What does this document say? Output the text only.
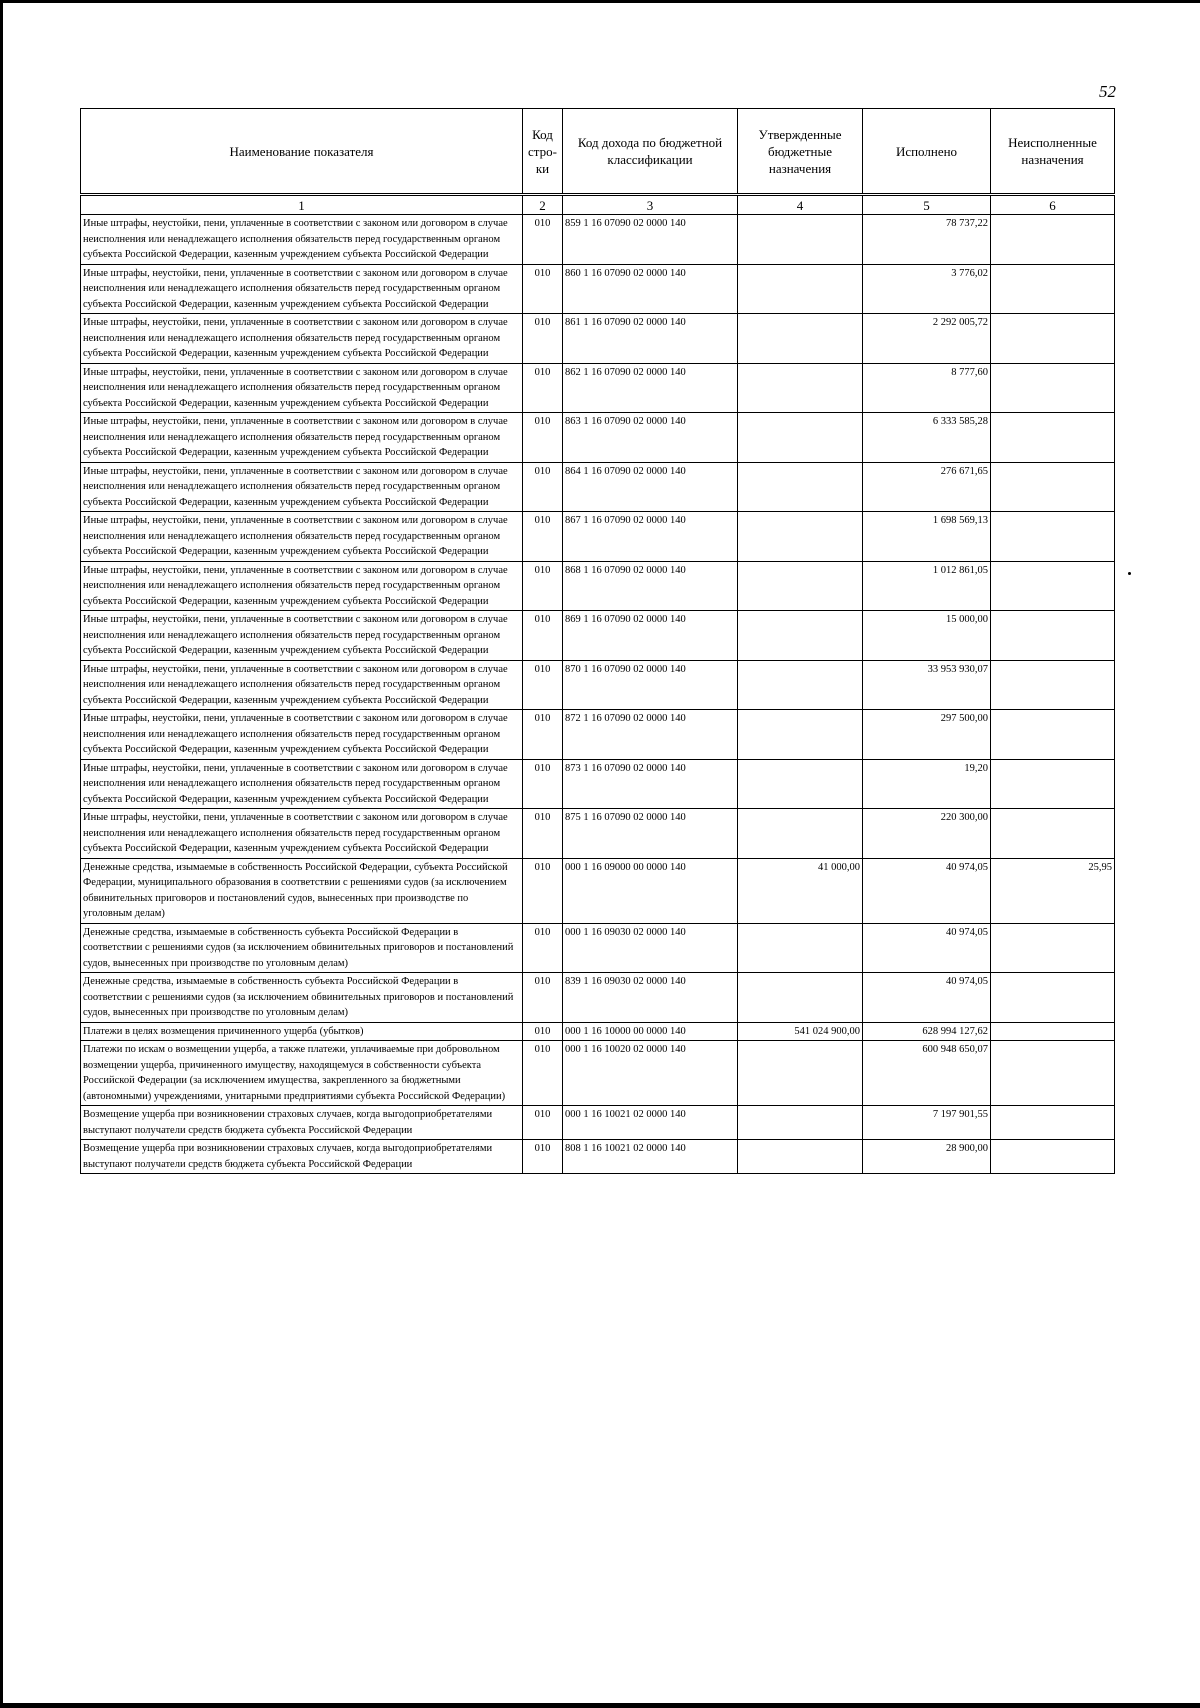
52
Наименование показателя	Код стро-ки	Код дохода по бюджетной классификации	Утвержденные бюджетные назначения	Исполнено	Неисполненные назначения
1	2	3	4	5	6
Иные штрафы, неустойки, пени, уплаченные в соответствии с законом или договором в случае неисполнения или ненадлежащего исполнения обязательств перед государственным органом субъекта Российской Федерации, казенным учреждением субъекта Российской Федерации	010	859 1 16 07090 02 0000 140		78 737,22	
Иные штрафы, неустойки, пени, уплаченные в соответствии с законом или договором в случае неисполнения или ненадлежащего исполнения обязательств перед государственным органом субъекта Российской Федерации, казенным учреждением субъекта Российской Федерации	010	860 1 16 07090 02 0000 140		3 776,02	
Иные штрафы, неустойки, пени, уплаченные в соответствии с законом или договором в случае неисполнения или ненадлежащего исполнения обязательств перед государственным органом субъекта Российской Федерации, казенным учреждением субъекта Российской Федерации	010	861 1 16 07090 02 0000 140		2 292 005,72	
Иные штрафы, неустойки, пени, уплаченные в соответствии с законом или договором в случае неисполнения или ненадлежащего исполнения обязательств перед государственным органом субъекта Российской Федерации, казенным учреждением субъекта Российской Федерации	010	862 1 16 07090 02 0000 140		8 777,60	
Иные штрафы, неустойки, пени, уплаченные в соответствии с законом или договором в случае неисполнения или ненадлежащего исполнения обязательств перед государственным органом субъекта Российской Федерации, казенным учреждением субъекта Российской Федерации	010	863 1 16 07090 02 0000 140		6 333 585,28	
Иные штрафы, неустойки, пени, уплаченные в соответствии с законом или договором в случае неисполнения или ненадлежащего исполнения обязательств перед государственным органом субъекта Российской Федерации, казенным учреждением субъекта Российской Федерации	010	864 1 16 07090 02 0000 140		276 671,65	
Иные штрафы, неустойки, пени, уплаченные в соответствии с законом или договором в случае неисполнения или ненадлежащего исполнения обязательств перед государственным органом субъекта Российской Федерации, казенным учреждением субъекта Российской Федерации	010	867 1 16 07090 02 0000 140		1 698 569,13	
Иные штрафы, неустойки, пени, уплаченные в соответствии с законом или договором в случае неисполнения или ненадлежащего исполнения обязательств перед государственным органом субъекта Российской Федерации, казенным учреждением субъекта Российской Федерации	010	868 1 16 07090 02 0000 140		1 012 861,05	
Иные штрафы, неустойки, пени, уплаченные в соответствии с законом или договором в случае неисполнения или ненадлежащего исполнения обязательств перед государственным органом субъекта Российской Федерации, казенным учреждением субъекта Российской Федерации	010	869 1 16 07090 02 0000 140		15 000,00	
Иные штрафы, неустойки, пени, уплаченные в соответствии с законом или договором в случае неисполнения или ненадлежащего исполнения обязательств перед государственным органом субъекта Российской Федерации, казенным учреждением субъекта Российской Федерации	010	870 1 16 07090 02 0000 140		33 953 930,07	
Иные штрафы, неустойки, пени, уплаченные в соответствии с законом или договором в случае неисполнения или ненадлежащего исполнения обязательств перед государственным органом субъекта Российской Федерации, казенным учреждением субъекта Российской Федерации	010	872 1 16 07090 02 0000 140		297 500,00	
Иные штрафы, неустойки, пени, уплаченные в соответствии с законом или договором в случае неисполнения или ненадлежащего исполнения обязательств перед государственным органом субъекта Российской Федерации, казенным учреждением субъекта Российской Федерации	010	873 1 16 07090 02 0000 140		19,20	
Иные штрафы, неустойки, пени, уплаченные в соответствии с законом или договором в случае неисполнения или ненадлежащего исполнения обязательств перед государственным органом субъекта Российской Федерации, казенным учреждением субъекта Российской Федерации	010	875 1 16 07090 02 0000 140		220 300,00	
Денежные средства, изымаемые в собственность Российской Федерации, субъекта Российской Федерации, муниципального образования в соответствии с решениями судов (за исключением обвинительных приговоров и постановлений судов, вынесенных при производстве по уголовным делам)	010	000 1 16 09000 00 0000 140	41 000,00	40 974,05	25,95
Денежные средства, изымаемые в собственность субъекта Российской Федерации в соответствии с решениями судов (за исключением обвинительных приговоров и постановлений судов, вынесенных при производстве по уголовным делам)	010	000 1 16 09030 02 0000 140		40 974,05	
Денежные средства, изымаемые в собственность субъекта Российской Федерации в соответствии с решениями судов (за исключением обвинительных приговоров и постановлений судов, вынесенных при производстве по уголовным делам)	010	839 1 16 09030 02 0000 140		40 974,05	
Платежи в целях возмещения причиненного ущерба (убытков)	010	000 1 16 10000 00 0000 140	541 024 900,00	628 994 127,62	
Платежи по искам о возмещении ущерба, а также платежи, уплачиваемые при добровольном возмещении ущерба, причиненного имуществу, находящемуся в собственности субъекта Российской Федерации (за исключением имущества, закрепленного за бюджетными (автономными) учреждениями, унитарными предприятиями субъекта Российской Федерации)	010	000 1 16 10020 02 0000 140		600 948 650,07	
Возмещение ущерба при возникновении страховых случаев, когда выгодоприобретателями выступают получатели средств бюджета субъекта Российской Федерации	010	000 1 16 10021 02 0000 140		7 197 901,55	
Возмещение ущерба при возникновении страховых случаев, когда выгодоприобретателями выступают получатели средств бюджета субъекта Российской Федерации	010	808 1 16 10021 02 0000 140		28 900,00	
